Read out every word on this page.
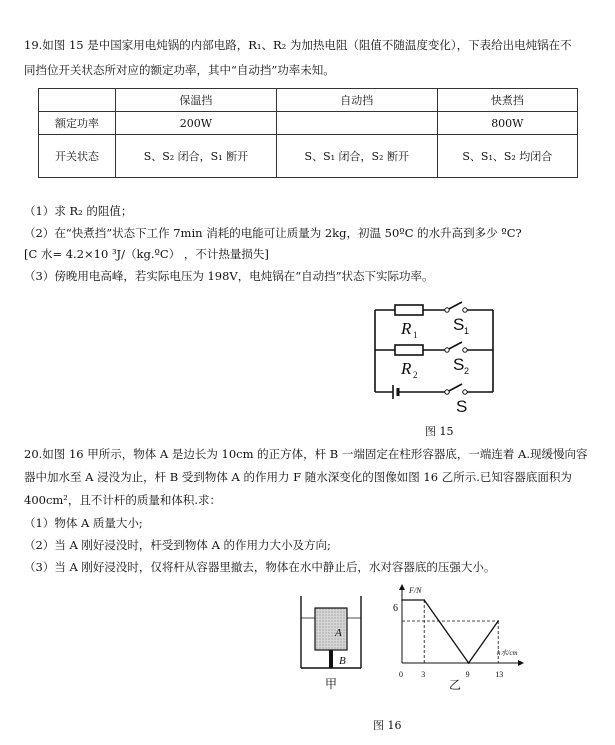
19.如图 15 是中国家用电炖锅的内部电路，R₁、R₂ 为加热电阻（阻值不随温度变化），下表给出电炖锅在不
同挡位开关状态所对应的额定功率，其中“自动挡”功率未知。
	保温挡	自动挡	快煮挡
额定功率	200W		800W
开关状态	S、S₂ 闭合，S₁ 断开	S、S₁ 闭合，S₂ 断开	S、S₁、S₂ 均闭合
（1）求 R₂ 的阻值；
（2）在“快煮挡”状态下工作 7min 消耗的电能可让质量为 2kg，初温 50ºC 的水升高到多少 ºC?
[C 水= 4.2×10 ³J/（kg.ºC） ，不计热量损失]
（3）傍晚用电高峰，若实际电压为 198V，电炖锅在“自动挡”状态下实际功率。
R 1
R 2
S 1
S 2
S
图 15
20.如图 16 甲所示，物体 A 是边长为 10cm 的正方体，杆 B 一端固定在柱形容器底，一端连着 A.现缓慢向容
器中加水至 A 浸没为止，杆 B 受到物体 A 的作用力 F 随水深变化的图像如图 16 乙所示.已知容器底面积为
400cm²，且不计杆的质量和体积.求：
（1）物体 A 质量大小;
（2）当 A 刚好浸没时，杆受到物体 A 的作用力大小及方向;
（3）当 A 刚好浸没时，仅将杆从容器里撤去，物体在水中静止后，水对容器底的压强大小。
A
B
甲
F/N
h水/cm
0
6
3	9	13
乙
图 16
